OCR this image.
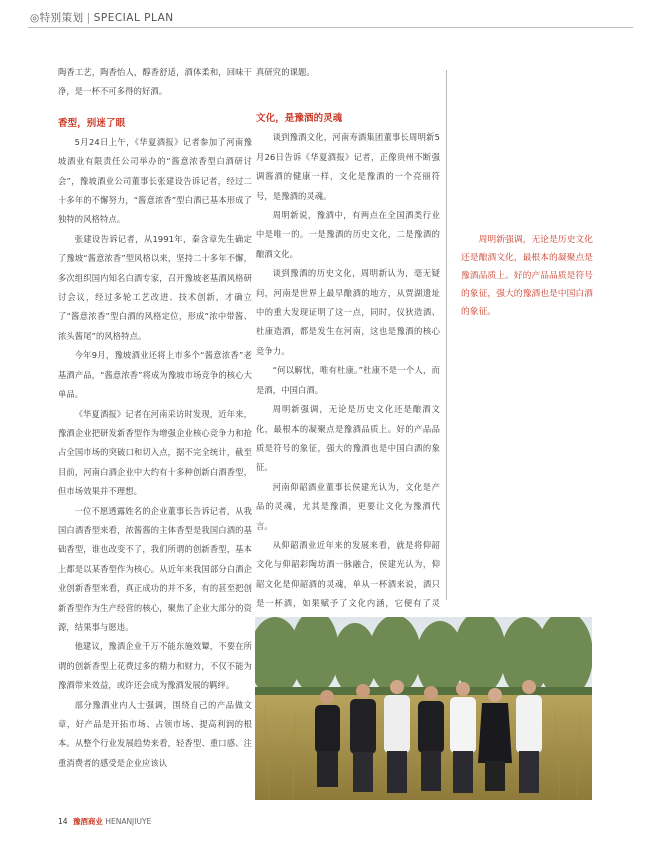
◎特别策划 | SPECIAL PLAN

陶香工艺，陶香怡人，醇香舒适，酒体柔和，回味干净，是一杯不可多得的好酒。

香型，别迷了眼

5月24日上午，《华夏酒报》记者参加了河南豫坡酒业有限责任公司举办的“酱意浓香型白酒研讨会”，豫坡酒业公司董事长张建设告诉记者，经过二十多年的不懈努力，“酱意浓香”型白酒已基本形成了独特的风格特点。

张建设告诉记者，从1991年，秦含章先生确定了豫坡“酱意浓香”型风格以来，坚持二十多年不懈，多次组织国内知名白酒专家，召开豫坡老基酒风格研讨会议，经过多轮工艺改进、技术创新，才确立了“酱意浓香”型白酒的风格定位，形成“浓中带酱、浓头酱尾”的风格特点。

今年9月，豫坡酒业还将上市多个“酱意浓香”老基酒产品，“酱意浓香”将成为豫坡市场竞争的核心大单品。

《华夏酒报》记者在河南采访时发现，近年来，豫酒企业把研发新香型作为增强企业核心竞争力和抢占全国市场的突破口和切入点，据不完全统计，截至目前，河南白酒企业中大约有十多种创新白酒香型，但市场效果并不理想。

一位不愿透露姓名的企业董事长告诉记者，从我国白酒香型来看，浓酱酱的主体香型是我国白酒的基础香型，谁也改变不了，我们所谓的创新香型，基本上都是以某香型作为核心。从近年来我国部分白酒企业创新香型来看，真正成功的并不多，有的甚至把创新香型作为生产经营的核心，聚焦了企业大部分的资源，结果事与愿违。

他建议，豫酒企业千万不能东施效颦，不要在所谓的创新香型上花费过多的精力和财力，不仅不能为豫酒带来效益，或许还会成为豫酒发展的羁绊。

部分豫酒业内人士强调，围绕自己的产品做文章，好产品是开拓市场、占领市场、提高利润的根本。从整个行业发展趋势来看，轻香型、重口感、注重消费者的感受是企业应该认

真研究的课题。

文化，是豫酒的灵魂

谈到豫酒文化，河南寿酒集团董事长周明新5月26日告诉《华夏酒报》记者，正像贵州不断强调酱酒的健康一样，文化是豫酒的一个亮丽符号，是豫酒的灵魂。

周明新说，豫酒中，有两点在全国酒类行业中是唯一的。一是豫酒的历史文化，二是豫酒的酿酒文化。

谈到豫酒的历史文化，周明新认为，毫无疑问，河南是世界上最早酿酒的地方，从贾湖遗址中的重大发现证明了这一点，同时，仪狄造酒、杜康造酒，都是发生在河南，这也是豫酒的核心竞争力。

“何以解忧，唯有杜康。”杜康不是一个人，而是酒，中国白酒。

周明新强调，无论是历史文化还是酿酒文化，最根本的凝聚点是豫酒品质上。好的产品品质是符号的象征，强大的豫酒也是中国白酒的象征。

河南仰韶酒业董事长侯建光认为，文化是产品的灵魂，尤其是豫酒，更要让文化为豫酒代言。

从仰韶酒业近年来的发展来看，就是将仰韶文化与仰韶彩陶坊酒一脉融合，侯建光认为，仰韶文化是仰韶酒的灵魂，单从一杯酒来说，酒只是一杯酒，如果赋予了文化内涵，它便有了灵

周明新强调，无论是历史文化还是酿酒文化，最根本的凝聚点是豫酒品质上。好的产品品质是符号的象征，强大的豫酒也是中国白酒的象征。
14 豫酒商业 HENANJIUYE
